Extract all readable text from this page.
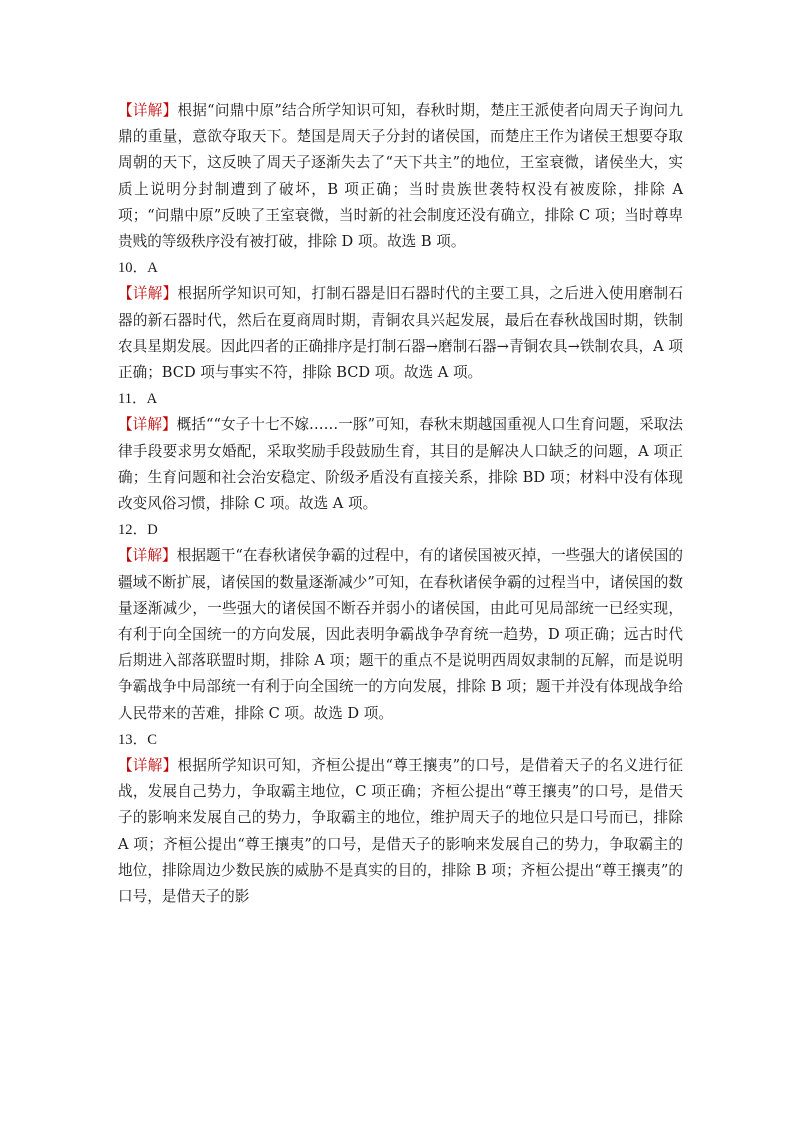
【详解】根据“问鼎中原”结合所学知识可知，春秋时期，楚庄王派使者向周天子询问九鼎的重量，意欲夺取天下。楚国是周天子分封的诸侯国，而楚庄王作为诸侯王想要夺取周朝的天下，这反映了周天子逐渐失去了“天下共主”的地位，王室衰微，诸侯坐大，实质上说明分封制遭到了破坏，B 项正确；当时贵族世袭特权没有被废除，排除 A 项；“问鼎中原”反映了王室衰微，当时新的社会制度还没有确立，排除 C 项；当时尊卑贵贱的等级秩序没有被打破，排除 D 项。故选 B 项。

10．A

【详解】根据所学知识可知，打制石器是旧石器时代的主要工具，之后进入使用磨制石器的新石器时代，然后在夏商周时期，青铜农具兴起发展，最后在春秋战国时期，铁制农具星期发展。因此四者的正确排序是打制石器→磨制石器→青铜农具→铁制农具，A 项正确；BCD 项与事实不符，排除 BCD 项。故选 A 项。

11．A

【详解】概括““女子十七不嫁……一豚”可知，春秋末期越国重视人口生育问题，采取法律手段要求男女婚配，采取奖励手段鼓励生育，其目的是解决人口缺乏的问题，A 项正确；生育问题和社会治安稳定、阶级矛盾没有直接关系，排除 BD 项；材料中没有体现改变风俗习惯，排除 C 项。故选 A 项。

12．D

【详解】根据题干“在春秋诸侯争霸的过程中，有的诸侯国被灭掉，一些强大的诸侯国的疆域不断扩展，诸侯国的数量逐渐减少”可知，在春秋诸侯争霸的过程当中，诸侯国的数量逐渐减少，一些强大的诸侯国不断吞并弱小的诸侯国，由此可见局部统一已经实现，有利于向全国统一的方向发展，因此表明争霸战争孕育统一趋势，D 项正确；远古时代后期进入部落联盟时期，排除 A 项；题干的重点不是说明西周奴隶制的瓦解，而是说明争霸战争中局部统一有利于向全国统一的方向发展，排除 B 项；题干并没有体现战争给人民带来的苦难，排除 C 项。故选 D 项。

13．C

【详解】根据所学知识可知，齐桓公提出“尊王攘夷”的口号，是借着天子的名义进行征战，发展自己势力，争取霸主地位，C 项正确；齐桓公提出“尊王攘夷”的口号，是借天子的影响来发展自己的势力，争取霸主的地位，维护周天子的地位只是口号而已，排除 A 项；齐桓公提出“尊王攘夷”的口号，是借天子的影响来发展自己的势力，争取霸主的地位，排除周边少数民族的威胁不是真实的目的，排除 B 项；齐桓公提出“尊王攘夷”的口号，是借天子的影
